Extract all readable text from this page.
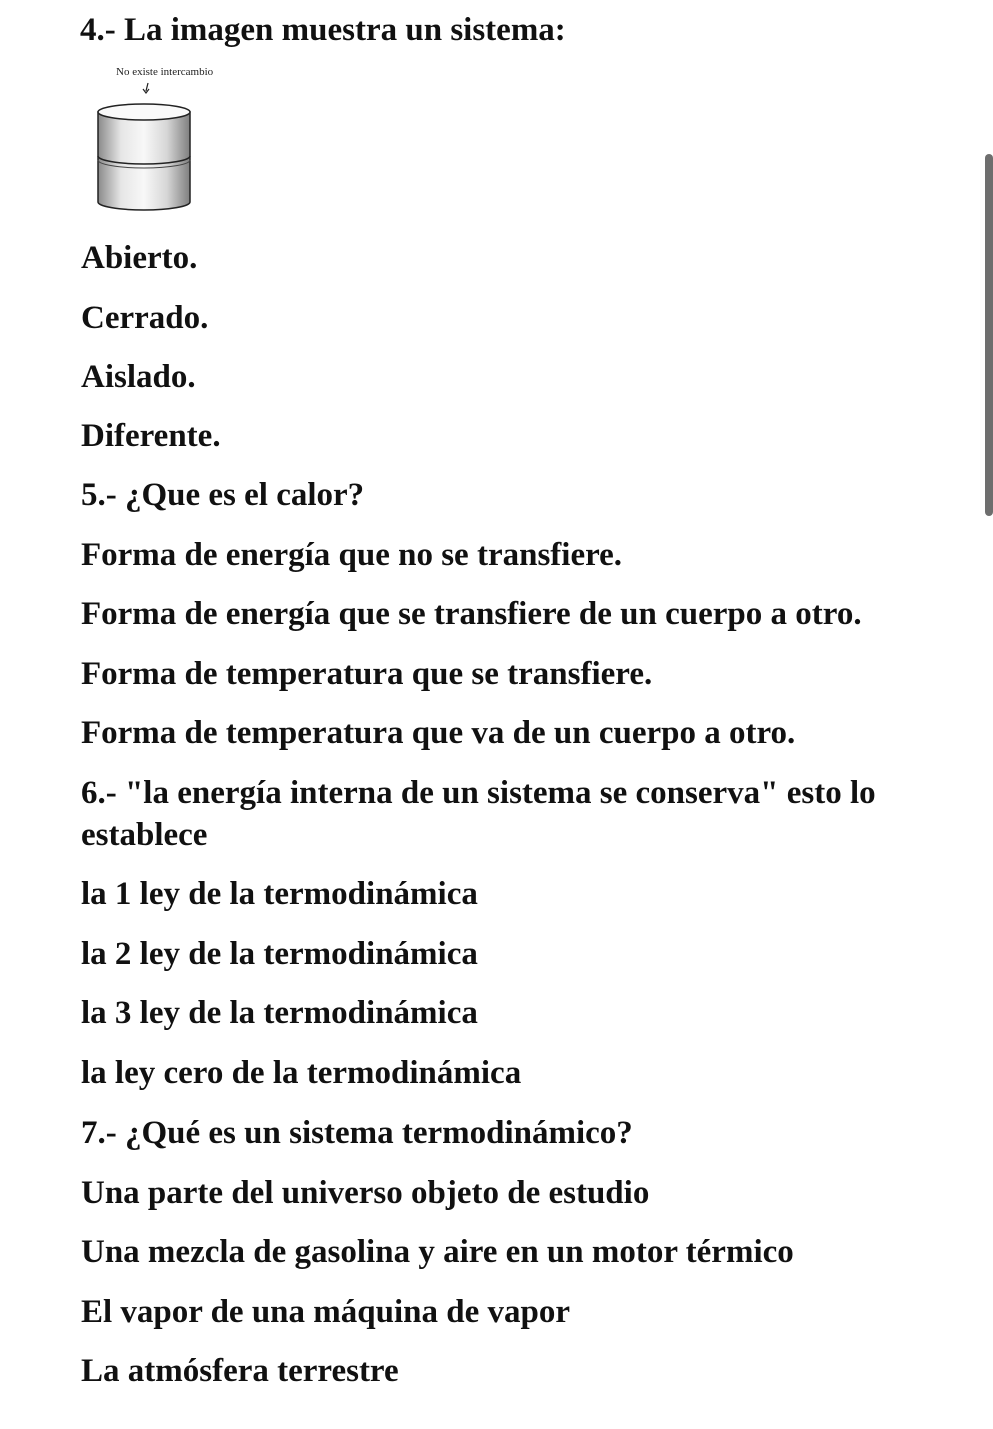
4.- La imagen muestra un sistema:
No existe intercambio
Abierto.
Cerrado.
Aislado.
Diferente.
5.- ¿Que es el calor?
Forma de energía que no se transfiere.
Forma de energía que se transfiere de un cuerpo a otro.
Forma de temperatura que se transfiere.
Forma de temperatura que va de un cuerpo a otro.
6.- "la energía interna de un sistema se conserva" esto lo
establece
la 1 ley de la termodinámica
la 2 ley de la termodinámica
la 3 ley de la termodinámica
la ley cero de la termodinámica
7.- ¿Qué es un sistema termodinámico?
Una parte del universo objeto de estudio
Una mezcla de gasolina y aire en un motor térmico
El vapor de una máquina de vapor
La atmósfera terrestre
